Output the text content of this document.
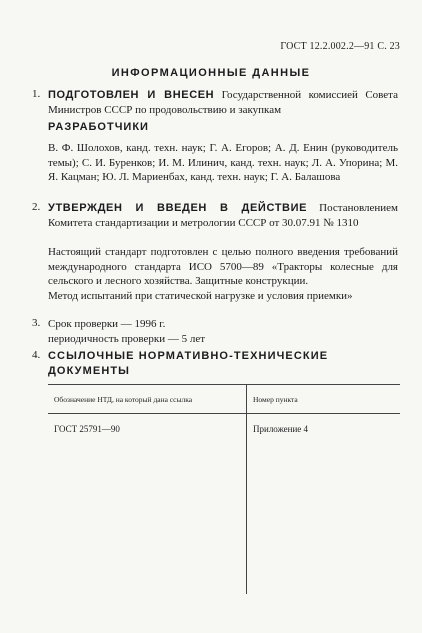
ГОСТ 12.2.002.2—91 С. 23
ИНФОРМАЦИОННЫЕ ДАННЫЕ
1. ПОДГОТОВЛЕН И ВНЕСЕН Государственной комиссией Совета Министров СССР по продовольствию и закупкам
РАЗРАБОТЧИКИ
В. Ф. Шолохов, канд. техн. наук; Г. А. Егоров; А. Д. Енин (руководитель темы); С. И. Буренков; И. М. Илинич, канд. техн. наук; Л. А. Упорина; М. Я. Кацман; Ю. Л. Мариенбах, канд. техн. наук; Г. А. Балашова
2. УТВЕРЖДЕН И ВВЕДЕН В ДЕЙСТВИЕ Постановлением Комитета стандартизации и метрологии СССР от 30.07.91 № 1310
Настоящий стандарт подготовлен с целью полного введения требований международного стандарта ИСО 5700—89 «Тракторы колесные для сельского и лесного хозяйства. Защитные конструкции.
Метод испытаний при статической нагрузке и условия приемки»
3. Срок проверки — 1996 г.
периодичность проверки — 5 лет
4. ССЫЛОЧНЫЕ НОРМАТИВНО-ТЕХНИЧЕСКИЕ ДОКУМЕНТЫ
Обозначение НТД, на который дана ссылка	Номер пункта
ГОСТ 25791—90	Приложение 4
